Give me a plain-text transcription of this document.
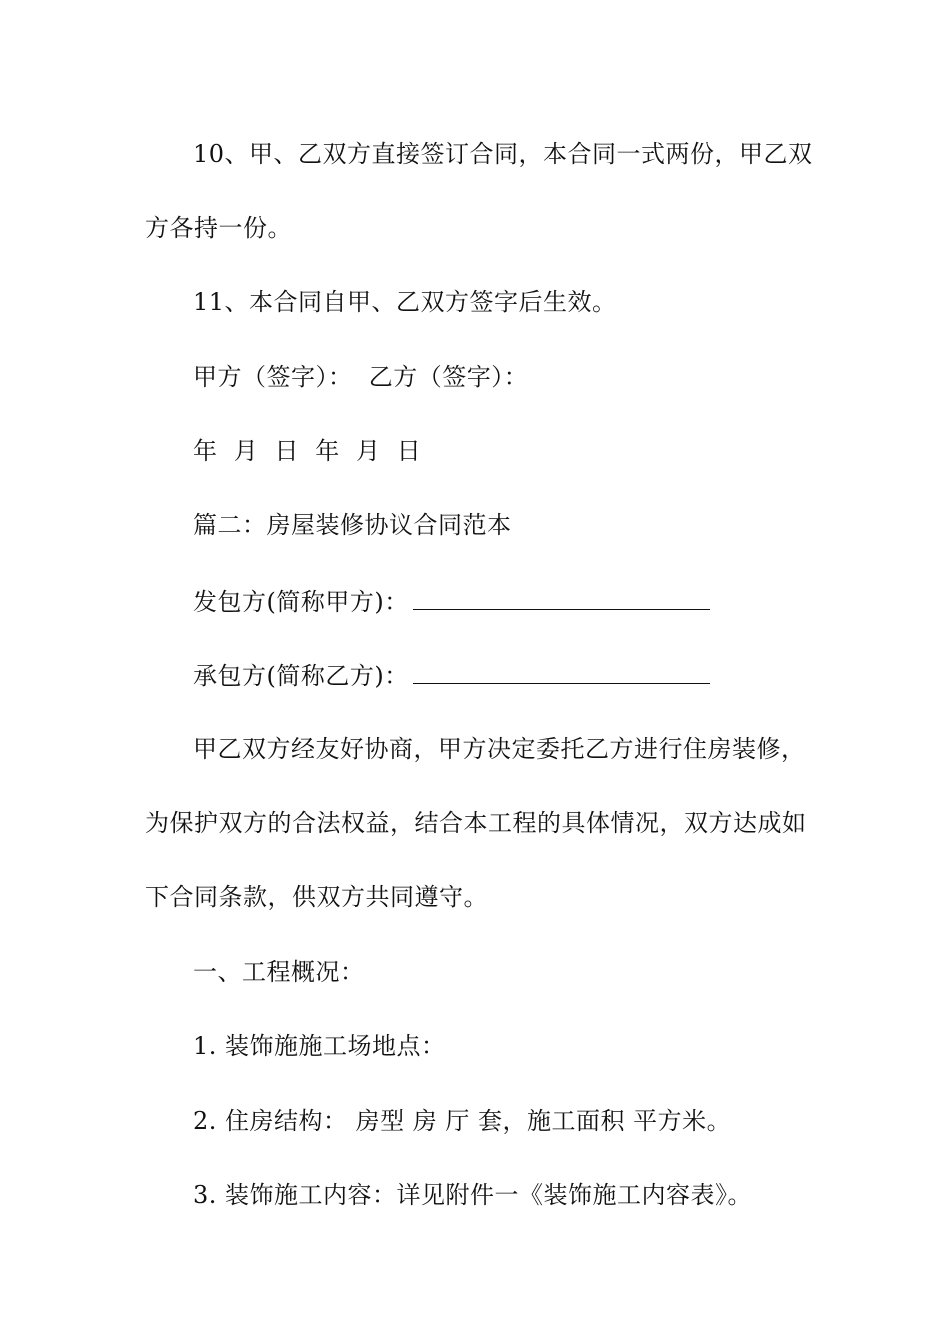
10、甲、乙双方直接签订合同，本合同一式两份，甲乙双
方各持一份。
11、本合同自甲、乙双方签字后生效。
甲方（签字）：  乙方（签字）：
年  月  日  年  月  日
篇二：房屋装修协议合同范本
发包方(简称甲方)：
承包方(简称乙方)：
甲乙双方经友好协商，甲方决定委托乙方进行住房装修，
为保护双方的合法权益，结合本工程的具体情况，双方达成如
下合同条款，供双方共同遵守。
一、工程概况：
1. 装饰施施工场地点：
2. 住房结构： 房型 房 厅 套，施工面积 平方米。
3. 装饰施工内容：详见附件一《装饰施工内容表》。
